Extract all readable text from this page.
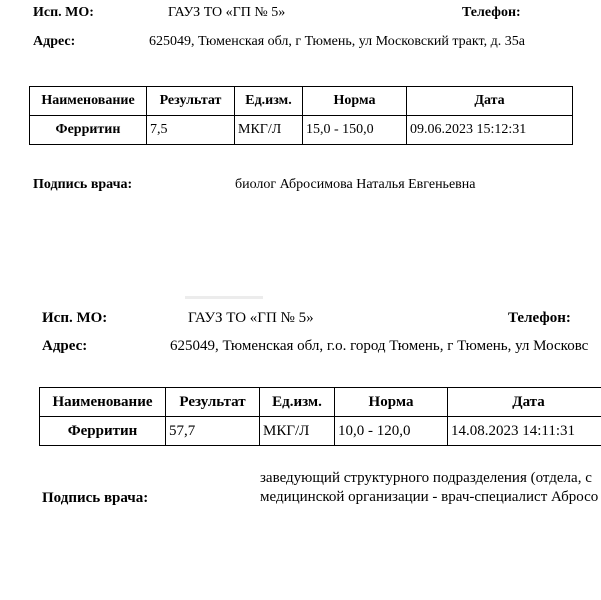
Исп. МО:	ГАУЗ ТО «ГП № 5»	Телефон:
Адрес:	625049, Тюменская обл, г Тюмень, ул Московский тракт, д. 35а
Наименование	Результат	Ед.изм.	Норма	Дата
Ферритин	7,5	МКГ/Л	15,0 - 150,0	09.06.2023 15:12:31
Подпись врача:	биолог Абросимова Наталья Евгеньевна
Исп. МО:	ГАУЗ ТО «ГП № 5»	Телефон:
Адрес:	625049, Тюменская обл, г.о. город Тюмень, г Тюмень, ул Московс
Наименование	Результат	Ед.изм.	Норма	Дата
Ферритин	57,7	МКГ/Л	10,0 - 120,0	14.08.2023 14:11:31
заведующий структурного подразделения (отдела, с
Подпись врача:	медицинской организации - врач-специалист Абросо
